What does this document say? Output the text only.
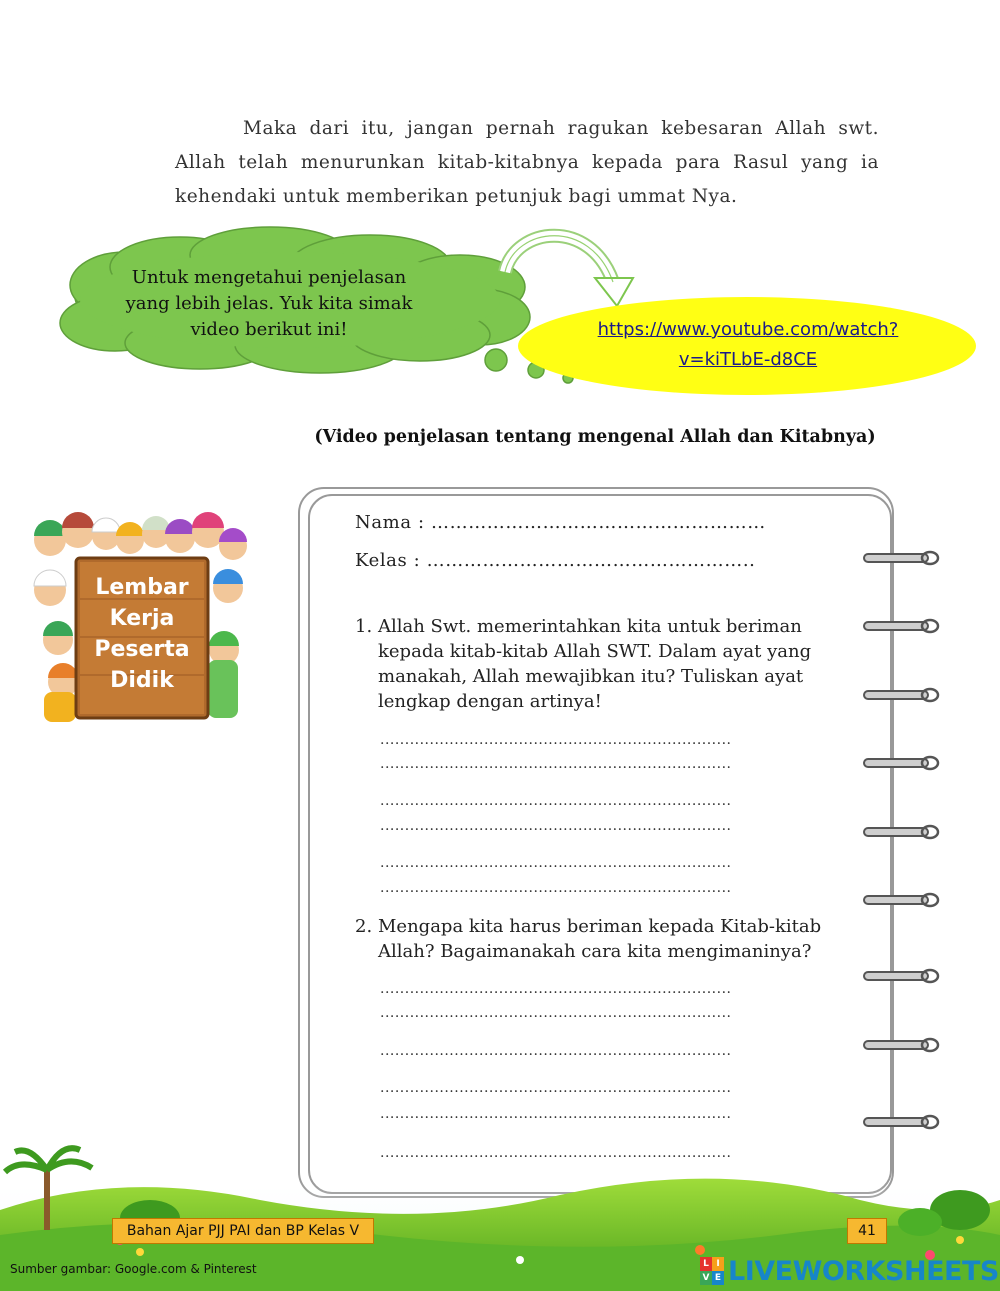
Maka dari itu, jangan pernah ragukan kebesaran Allah swt. Allah telah menurunkan kitab-kitabnya kepada para Rasul yang ia kehendaki untuk memberikan petunjuk bagi ummat Nya.
Untuk mengetahui penjelasan yang lebih jelas. Yuk kita simak video berikut ini!	https://www.youtube.com/watch?v=kiTLbE-d8CE
(Video penjelasan tentang mengenal Allah dan Kitabnya)
Lembar
Kerja
Peserta
Didik
Nama : ………………………………………………
Kelas : ……………………………………………..
1. Allah Swt. memerintahkan kita untuk beriman kepada kitab-kitab Allah SWT. Dalam ayat yang manakah, Allah mewajibkan itu? Tuliskan ayat lengkap dengan artinya!
.......................................................................
.......................................................................
.......................................................................
.......................................................................
.......................................................................
.......................................................................
2. Mengapa kita harus beriman kepada Kitab-kitab Allah? Bagaimanakah cara kita mengimaninya?
.......................................................................
.......................................................................
.......................................................................
.......................................................................
.......................................................................
.......................................................................
Bahan Ajar PJJ PAI dan BP Kelas V	41
Sumber gambar: Google.com & Pinterest	L I
V E LIVEWORKSHEETS
